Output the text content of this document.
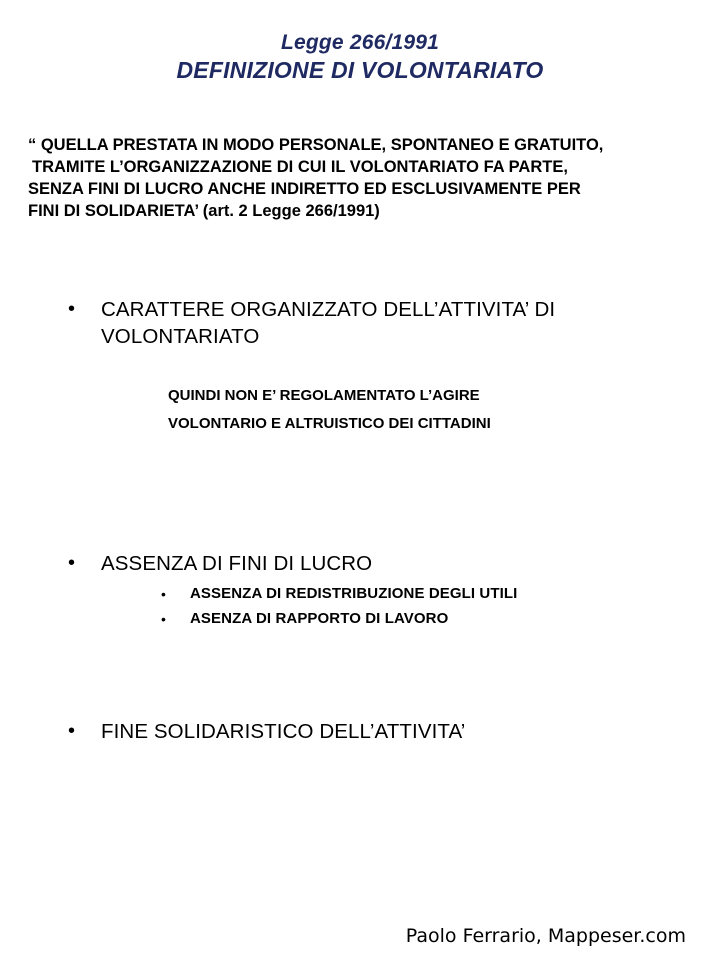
Legge 266/1991
DEFINIZIONE DI VOLONTARIATO
“ QUELLA PRESTATA IN MODO PERSONALE, SPONTANEO E GRATUITO,
TRAMITE L’ORGANIZZAZIONE DI CUI IL VOLONTARIATO FA PARTE,
SENZA FINI DI LUCRO ANCHE INDIRETTO ED ESCLUSIVAMENTE PER
FINI DI SOLIDARIETA’ (art. 2 Legge 266/1991)
•	CARATTERE ORGANIZZATO DELL’ATTIVITA’ DI VOLONTARIATO
QUINDI NON E’ REGOLAMENTATO L’AGIRE
VOLONTARIO E ALTRUISTICO DEI CITTADINI
•	ASSENZA DI FINI DI LUCRO
•	ASSENZA DI REDISTRIBUZIONE DEGLI UTILI
•	ASENZA DI RAPPORTO DI LAVORO
•	FINE SOLIDARISTICO DELL’ATTIVITA’
Paolo Ferrario, Mappeser.com
